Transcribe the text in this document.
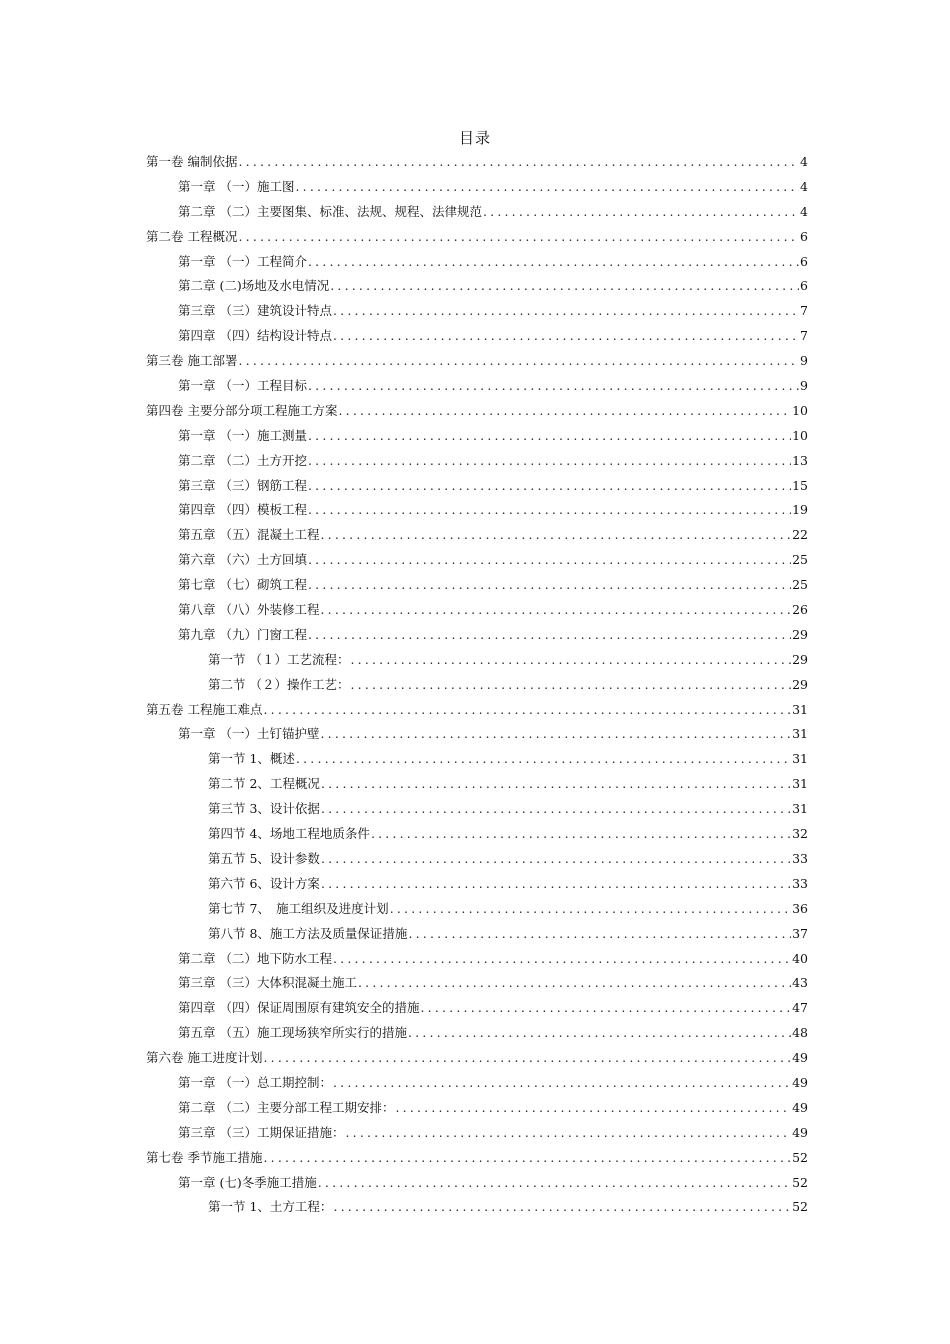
目录
第一卷 编制依据 .....	4
第一章 （一）施工图 .....	4
第二章 （二）主要图集、标准、法规、规程、法律规范 .....	4
第二卷 工程概况 .....	6
第一章 （一）工程简介 .....	6
第二章 (二)场地及水电情况 .....	6
第三章 （三）建筑设计特点 .....	7
第四章 （四）结构设计特点 .....	7
第三卷 施工部署 .....	9
第一章 （一）工程目标 .....	9
第四卷 主要分部分项工程施工方案 .....	10
第一章 （一）施工测量 .....	10
第二章 （二）土方开挖 .....	13
第三章 （三）钢筋工程 .....	15
第四章 （四）模板工程 .....	19
第五章 （五）混凝土工程 .....	22
第六章 （六）土方回填 .....	25
第七章 （七）砌筑工程 .....	25
第八章 （八）外装修工程 .....	26
第九章 （九）门窗工程 .....	29
第一节 （１）工艺流程： .....	29
第二节 （２）操作工艺： .....	29
第五卷 工程施工难点 .....	31
第一章 （一）土钉锚护壁 .....	31
第一节 1、概述 .....	31
第二节 2、工程概况 .....	31
第三节 3、设计依据 .....	31
第四节 4、场地工程地质条件 .....	32
第五节 5、设计参数 .....	33
第六节 6、设计方案 .....	33
第七节 7、　施工组织及进度计划 .....	36
第八节 8、施工方法及质量保证措施 .....	37
第二章 （二）地下防水工程 .....	40
第三章 （三）大体积混凝土施工 .....	43
第四章 （四）保证周围原有建筑安全的措施 .....	47
第五章 （五）施工现场狭窄所实行的措施 .....	48
第六卷 施工进度计划 .....	49
第一章 （一）总工期控制： .....	49
第二章 （二）主要分部工程工期安排： .....	49
第三章 （三）工期保证措施： .....	49
第七卷 季节施工措施 .....	52
第一章 (七)冬季施工措施 .....	52
第一节 1、土方工程： .....	52
